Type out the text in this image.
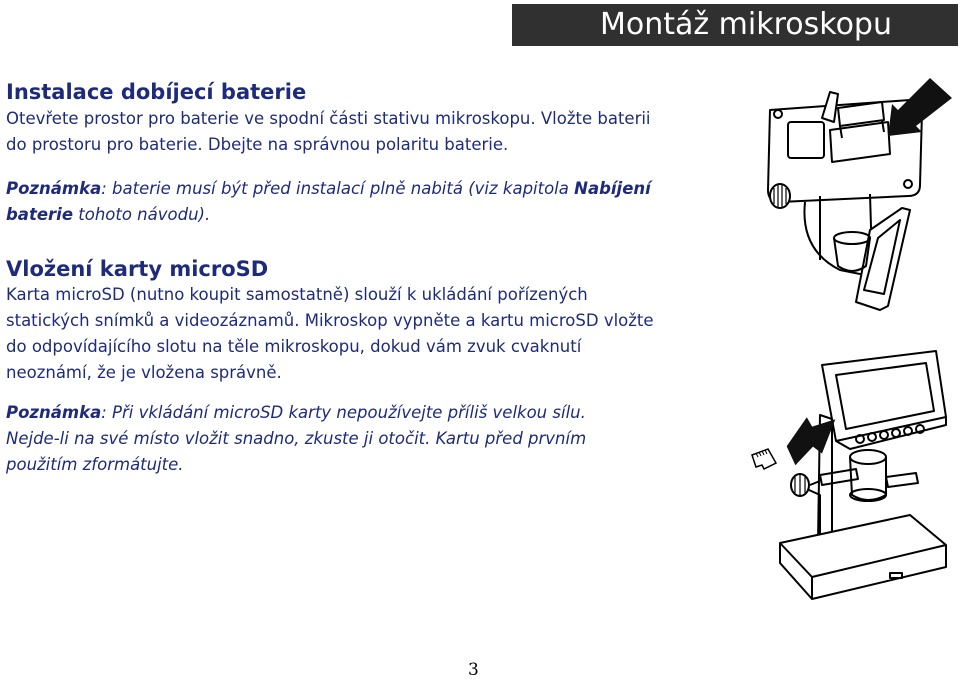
Montáž mikroskopu
Instalace dobíjecí baterie
Otevřete prostor pro baterie ve spodní části stativu mikroskopu. Vložte baterii
do prostoru pro baterie. Dbejte na správnou polaritu baterie.
Poznámka: baterie musí být před instalací plně nabitá (viz kapitola Nabíjení
baterie tohoto návodu).
Vložení karty microSD
Karta microSD (nutno koupit samostatně) slouží k ukládání pořízených
statických snímků a videozáznamů. Mikroskop vypněte a kartu microSD vložte
do odpovídajícího slotu na těle mikroskopu, dokud vám zvuk cvaknutí
neoznámí, že je vložena správně.
Poznámka: Při vkládání microSD karty nepoužívejte příliš velkou sílu.
Nejde-li na své místo vložit snadno, zkuste ji otočit. Kartu před prvním
použitím zformátujte.
3
